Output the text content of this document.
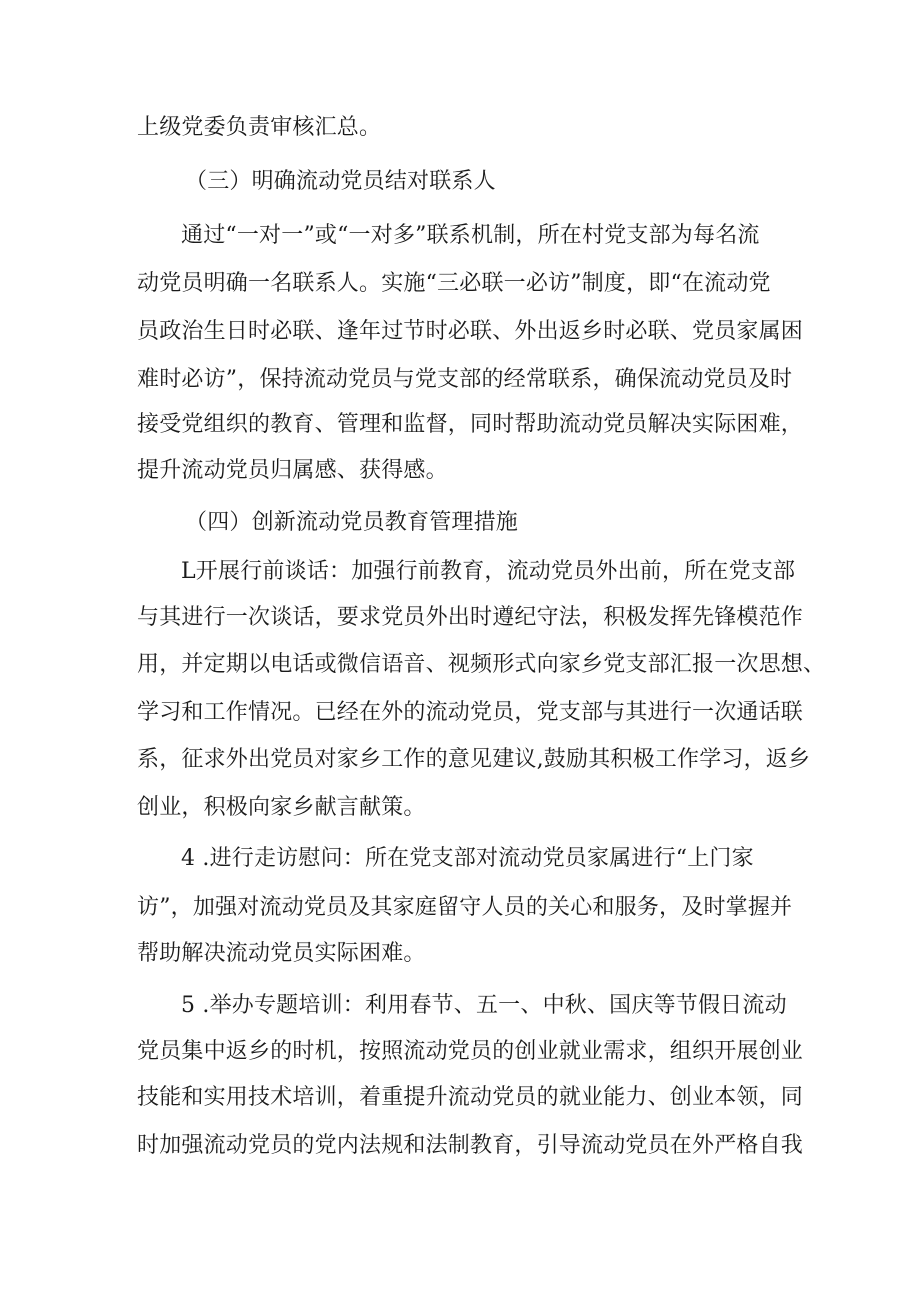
上级党委负责审核汇总。
（三）明确流动党员结对联系人
通过“一对一”或“一对多”联系机制，所在村党支部为每名流
动党员明确一名联系人。实施“三必联一必访”制度，即“在流动党
员政治生日时必联、逢年过节时必联、外出返乡时必联、党员家属困
难时必访”，保持流动党员与党支部的经常联系，确保流动党员及时
接受党组织的教育、管理和监督，同时帮助流动党员解决实际困难，
提升流动党员归属感、获得感。
（四）创新流动党员教育管理措施
L开展行前谈话：加强行前教育，流动党员外出前，所在党支部
与其进行一次谈话，要求党员外出时遵纪守法，积极发挥先锋模范作
用，并定期以电话或微信语音、视频形式向家乡党支部汇报一次思想、
学习和工作情况。已经在外的流动党员，党支部与其进行一次通话联
系，征求外出党员对家乡工作的意见建议,鼓励其积极工作学习，返乡
创业，积极向家乡献言献策。
4 .进行走访慰问：所在党支部对流动党员家属进行“上门家
访”，加强对流动党员及其家庭留守人员的关心和服务，及时掌握并
帮助解决流动党员实际困难。
5 .举办专题培训：利用春节、五一、中秋、国庆等节假日流动
党员集中返乡的时机，按照流动党员的创业就业需求，组织开展创业
技能和实用技术培训，着重提升流动党员的就业能力、创业本领，同
时加强流动党员的党内法规和法制教育，引导流动党员在外严格自我
